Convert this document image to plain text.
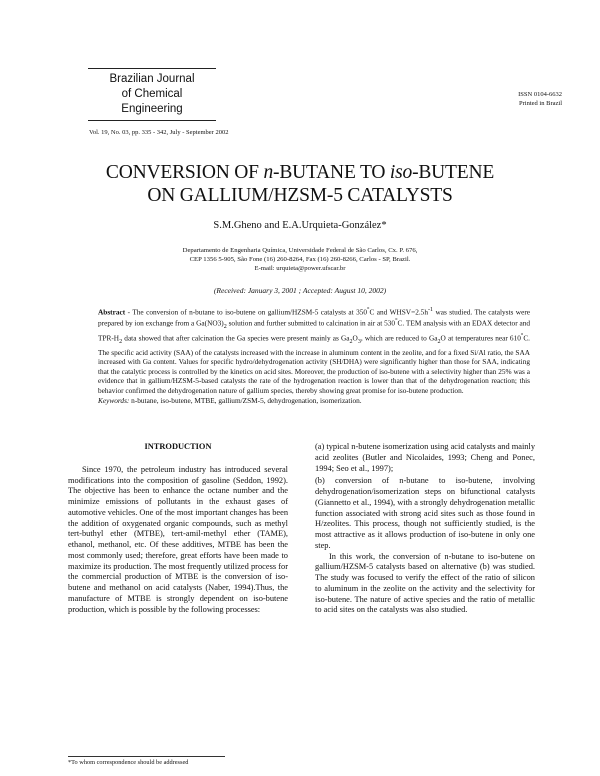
Brazilian Journal
of Chemical
Engineering
ISSN 0104-6632
Printed in Brazil
Vol. 19, No. 03, pp. 335 - 342, July - September 2002
CONVERSION OF n-BUTANE TO iso-BUTENE
ON GALLIUM/HZSM-5 CATALYSTS
S.M.Gheno and E.A.Urquieta-González*
Departamento de Engenharia Química, Universidade Federal de São Carlos, Cx. P. 676,
CEP 1356 5-905, São Fone (16) 260-8264, Fax (16) 260-8266, Carlos - SP, Brazil.
E-mail: urquieta@power.ufscar.br
(Received: January 3, 2001 ; Accepted: August 10, 2002)

Abstract - The conversion of n-butane to iso-butene on gallium/HZSM-5 catalysts at 350°C and $WHSV=2.5h^{-1}$ was studied. The catalysts were prepared by ion exchange from a $Ga(NO3)_2$ solution and further submitted to calcination in air at 530°C. TEM analysis with an EDAX detector and TPR-$H_2$ data showed that after calcination the Ga species were present mainly as $Ga_2O_3$, which are reduced to $Ga_2O$ at temperatures near 610°C. The specific acid activity (SAA) of the catalysts increased with the increase in aluminum content in the zeolite, and for a fixed Si/Al ratio, the SAA increased with Ga content. Values for specific hydro/dehydrogenation activity (SH/DHA) were significantly higher than those for SAA, indicating that the catalytic process is controlled by the kinetics on acid sites. Moreover, the production of iso-butene with a selectivity higher than 25% was a evidence that in gallium/HZSM-5-based catalysts the rate of the hydrogenation reaction is lower than that of the dehydrogenation reaction; this behavior confirmed the dehydrogenation nature of gallium species, thereby showing great promise for iso-butene production.

Keywords: n-butane, iso-butene, MTBE, gallium/ZSM-5, dehydrogenation, isomerization.

INTRODUCTION

Since 1970, the petroleum industry has introduced several modifications into the composition of gasoline (Seddon, 1992). The objective has been to enhance the octane number and the minimize emissions of pollutants in the exhaust gases of automotive vehicles. One of the most important changes has been the addition of oxygenated organic compounds, such as methyl tert-buthyl ether (MTBE), tert-amil-methyl ether (TAME), ethanol, methanol, etc. Of these additives, MTBE has been the most commonly used; therefore, great efforts have been made to maximize its production. The most frequently utilized process for the commercial production of MTBE is the conversion of iso-butene and methanol on acid catalysts (Naber, 1994).Thus, the manufacture of MTBE is strongly dependent on iso-butene production, which is possible by the following processes:

(a) typical n-butene isomerization using acid catalysts and mainly acid zeolites (Butler and Nicolaides, 1993; Cheng and Ponec, 1994; Seo et al., 1997);

(b) conversion of n-butane to iso-butene, involving dehydrogenation/isomerization steps on bifunctional catalysts (Giannetto et al., 1994), with a strongly dehydrogenation metallic function associated with strong acid sites such as those found in H/zeolites. This process, though not sufficiently studied, is the most attractive as it allows production of iso-butene in only one step.

In this work, the conversion of n-butane to iso-butene on gallium/HZSM-5 catalysts based on alternative (b) was studied. The study was focused to verify the effect of the ratio of silicon to aluminum in the zeolite on the activity and the selectivity for iso-butene. The nature of active species and the ratio of metallic to acid sites on the catalysts was also studied.

*To whom correspondence should be addressed
